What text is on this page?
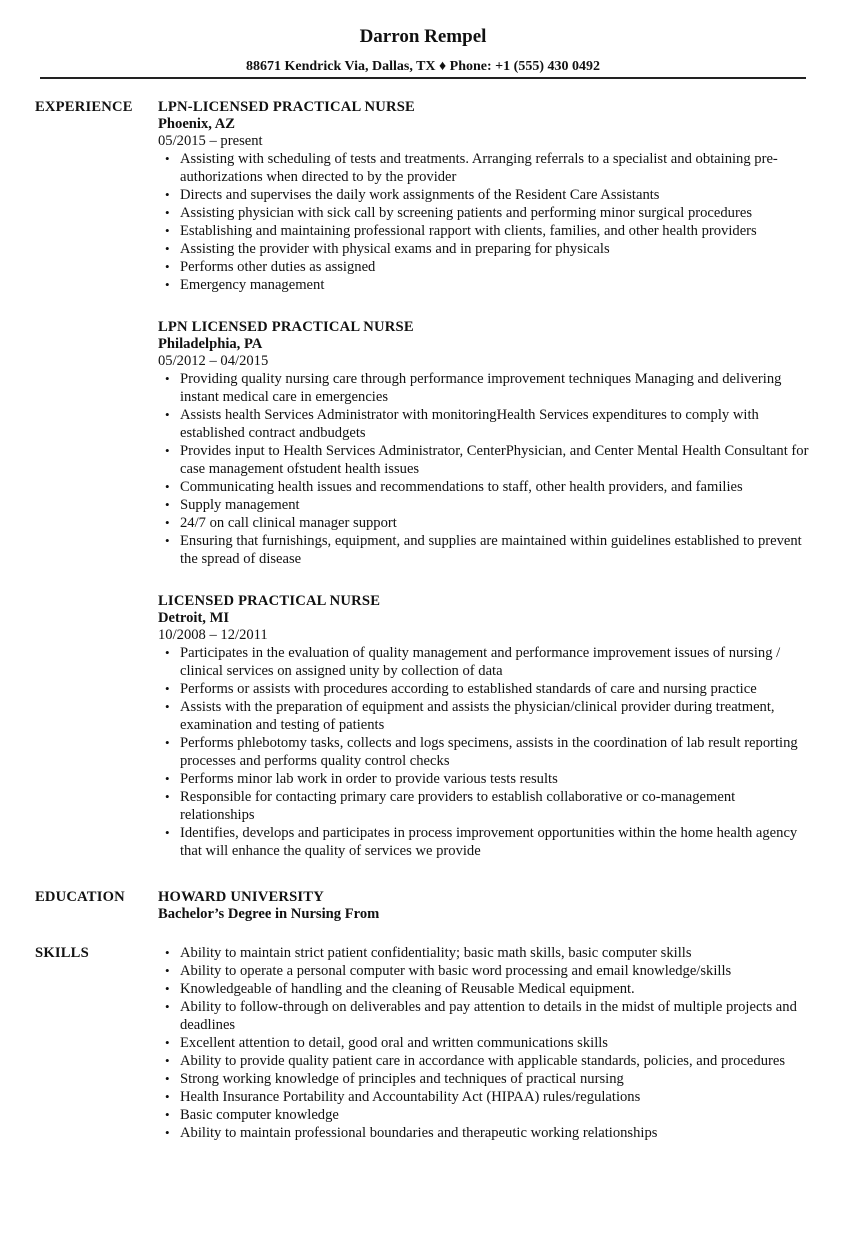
Darron Rempel
88671 Kendrick Via, Dallas, TX ♦ Phone: +1 (555) 430 0492
EXPERIENCE LPN-LICENSED PRACTICAL NURSE
Phoenix, AZ
05/2015 – present
• Assisting with scheduling of tests and treatments. Arranging referrals to a specialist and obtaining pre-authorizations when directed to by the provider
• Directs and supervises the daily work assignments of the Resident Care Assistants
• Assisting physician with sick call by screening patients and performing minor surgical procedures
• Establishing and maintaining professional rapport with clients, families, and other health providers
• Assisting the provider with physical exams and in preparing for physicals
• Performs other duties as assigned
• Emergency management
LPN LICENSED PRACTICAL NURSE
Philadelphia, PA
05/2012 – 04/2015
• Providing quality nursing care through performance improvement techniques Managing and delivering instant medical care in emergencies
• Assists health Services Administrator with monitoringHealth Services expenditures to comply with established contract andbudgets
• Provides input to Health Services Administrator, CenterPhysician, and Center Mental Health Consultant for case management ofstudent health issues
• Communicating health issues and recommendations to staff, other health providers, and families
• Supply management
• 24/7 on call clinical manager support
• Ensuring that furnishings, equipment, and supplies are maintained within guidelines established to prevent the spread of disease
LICENSED PRACTICAL NURSE
Detroit, MI
10/2008 – 12/2011
• Participates in the evaluation of quality management and performance improvement issues of nursing / clinical services on assigned unity by collection of data
• Performs or assists with procedures according to established standards of care and nursing practice
• Assists with the preparation of equipment and assists the physician/clinical provider during treatment, examination and testing of patients
• Performs phlebotomy tasks, collects and logs specimens, assists in the coordination of lab result reporting processes and performs quality control checks
• Performs minor lab work in order to provide various tests results
• Responsible for contacting primary care providers to establish collaborative or co-management relationships
• Identifies, develops and participates in process improvement opportunities within the home health agency that will enhance the quality of services we provide
EDUCATION HOWARD UNIVERSITY
Bachelor’s Degree in Nursing From
SKILLS
•	Ability to maintain strict patient confidentiality; basic math skills, basic computer skills
• Ability to operate a personal computer with basic word processing and email knowledge/skills
• Knowledgeable of handling and the cleaning of Reusable Medical equipment.
• Ability to follow-through on deliverables and pay attention to details in the midst of multiple projects and deadlines
• Excellent attention to detail, good oral and written communications skills
• Ability to provide quality patient care in accordance with applicable standards, policies, and procedures
• Strong working knowledge of principles and techniques of practical nursing
• Health Insurance Portability and Accountability Act (HIPAA) rules/regulations
• Basic computer knowledge
• Ability to maintain professional boundaries and therapeutic working relationships
